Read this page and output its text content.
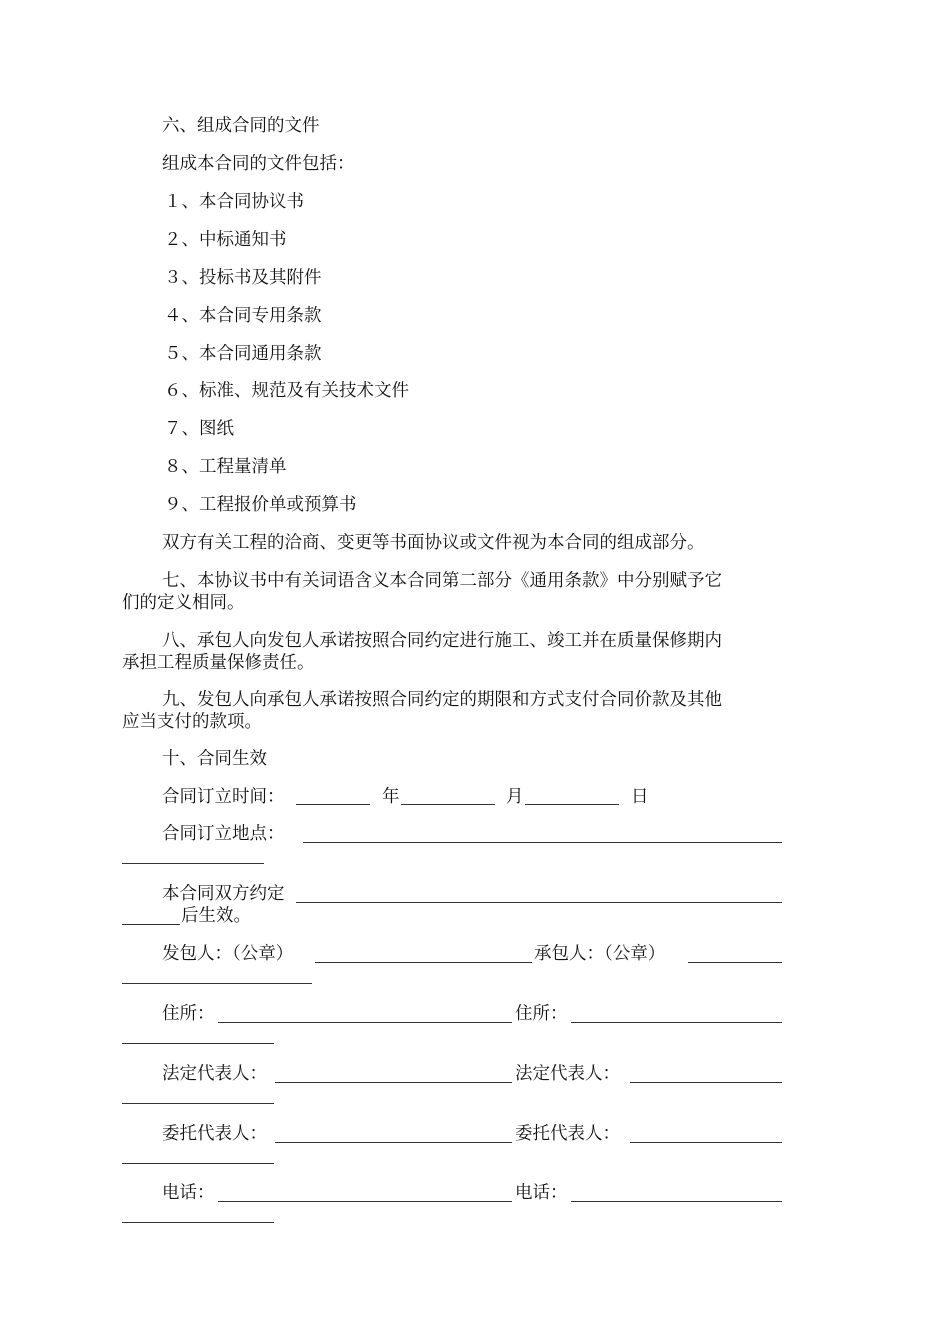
六、组成合同的文件
组成本合同的文件包括：
１、本合同协议书
２、中标通知书
３、投标书及其附件
４、本合同专用条款
５、本合同通用条款
６、标准、规范及有关技术文件
７、图纸
８、工程量清单
９、工程报价单或预算书
双方有关工程的洽商、变更等书面协议或文件视为本合同的组成部分。
七、本协议书中有关词语含义本合同第二部分《通用条款》中分别赋予它
们的定义相同。
八、承包人向发包人承诺按照合同约定进行施工、竣工并在质量保修期内
承担工程质量保修责任。
九、发包人向承包人承诺按照合同约定的期限和方式支付合同价款及其他
应当支付的款项。
十、合同生效
合同订立时间：	年	月	日
合同订立地点：
本合同双方约定
后生效。
发包人：（公章）	承包人：（公章）
住所：	住所：
法定代表人：	法定代表人：
委托代表人：	委托代表人：
电话：	电话：
